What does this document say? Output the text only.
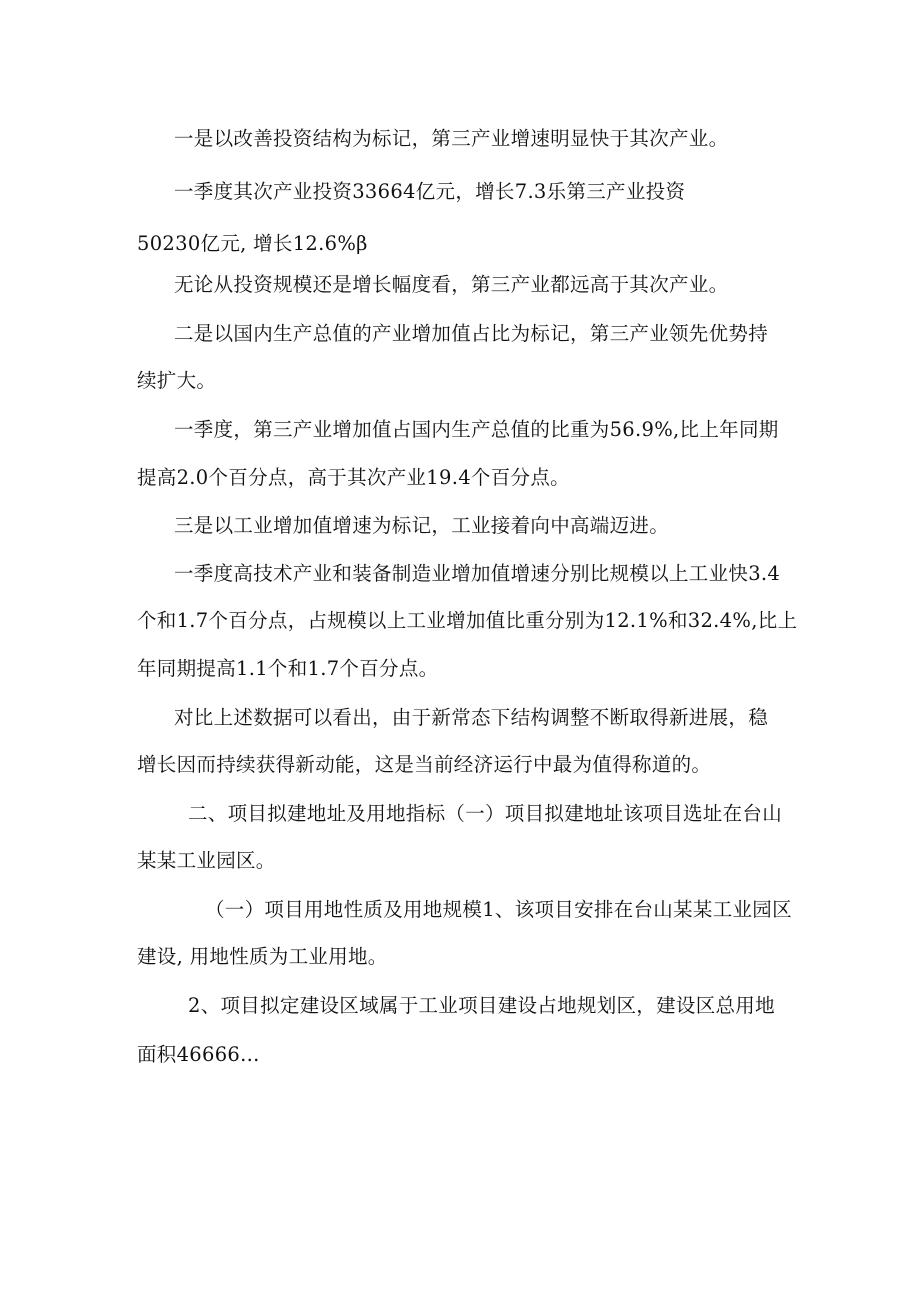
一是以改善投资结构为标记，第三产业增速明显快于其次产业。

一季度其次产业投资33664亿元，增长7.3乐第三产业投资

50230亿元, 增长12.6%β

无论从投资规模还是增长幅度看，第三产业都远高于其次产业。

二是以国内生产总值的产业增加值占比为标记，第三产业领先优势持

续扩大。

一季度，第三产业增加值占国内生产总值的比重为56.9%,比上年同期

提高2.0个百分点，高于其次产业19.4个百分点。

三是以工业增加值增速为标记，工业接着向中高端迈进。

一季度高技术产业和装备制造业增加值增速分别比规模以上工业快3.4

个和1.7个百分点，占规模以上工业增加值比重分别为12.1%和32.4%,比上

年同期提高1.1个和1.7个百分点。

对比上述数据可以看出，由于新常态下结构调整不断取得新进展，稳

增长因而持续获得新动能，这是当前经济运行中最为值得称道的。

二、项目拟建地址及用地指标（一）项目拟建地址该项目选址在台山

某某工业园区。

（一）项目用地性质及用地规模1、该项目安排在台山某某工业园区

建设, 用地性质为工业用地。

2、项目拟定建设区域属于工业项目建设占地规划区，建设区总用地

面积46666...
